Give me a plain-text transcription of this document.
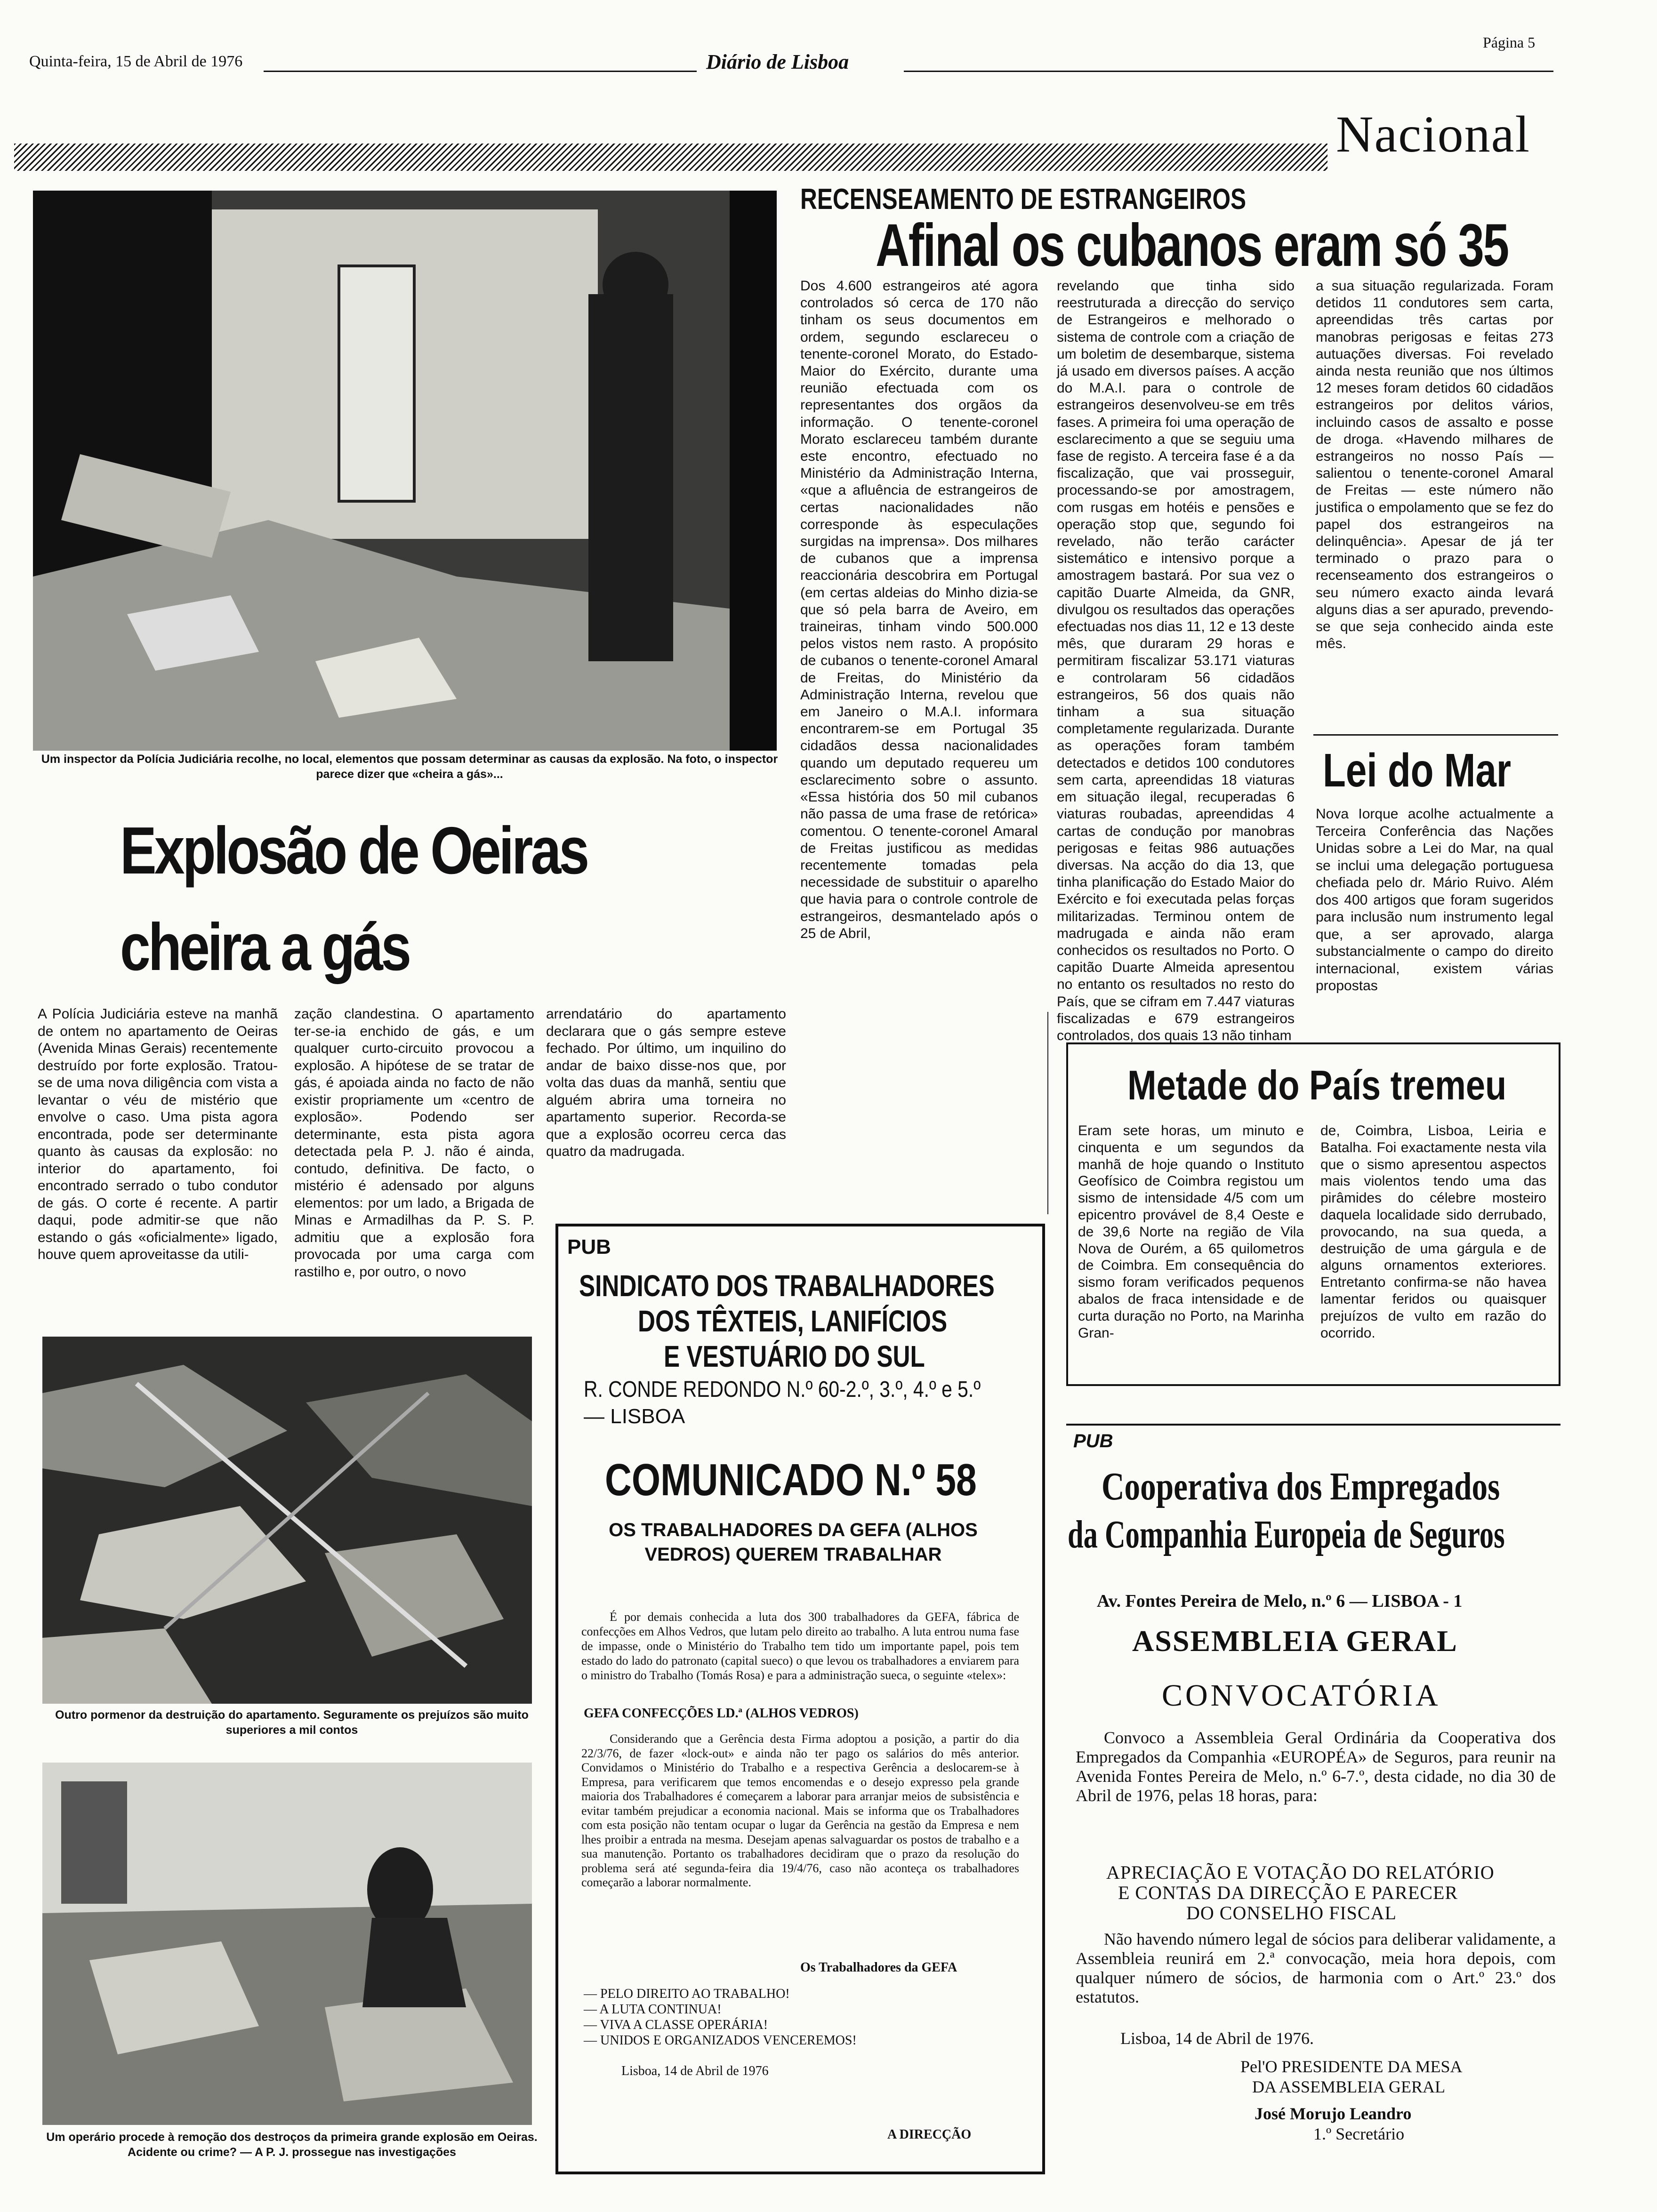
Quinta-feira, 15 de Abril de 1976	Diário de Lisboa
Página 5
Nacional
Um inspector da Polícia Judiciária recolhe, no local, elementos que possam determinar as causas da explosão. Na foto, o inspector parece dizer que «cheira a gás»...
Explosão de Oeiras cheira a gás
A Polícia Judiciária esteve na manhã de ontem no apartamento de Oeiras (Avenida Minas Gerais) recentemente destruído por forte explosão. Tratou-se de uma nova diligência com vista a levantar o véu de mistério que envolve o caso. Uma pista agora encontrada, pode ser determinante quanto às causas da explosão: no interior do apartamento, foi encontrado serrado o tubo condutor de gás. O corte é recente. A partir daqui, pode admitir-se que não estando o gás «oficialmente» ligado, houve quem aproveitasse da utili-
zação clandestina. O apartamento ter-se-ia enchido de gás, e um qualquer curto-circuito provocou a explosão. A hipótese de se tratar de gás, é apoiada ainda no facto de não existir propriamente um «centro de explosão». Podendo ser determinante, esta pista agora detectada pela P. J. não é ainda, contudo, definitiva. De facto, o mistério é adensado por alguns elementos: por um lado, a Brigada de Minas e Armadilhas da P. S. P. admitiu que a explosão fora provocada por uma carga com rastilho e, por outro, o novo
arrendatário do apartamento declarara que o gás sempre esteve fechado. Por último, um inquilino do andar de baixo disse-nos que, por volta das duas da manhã, sentiu que alguém abrira uma torneira no apartamento superior. Recorda-se que a explosão ocorreu cerca das quatro da madrugada.
Outro pormenor da destruição do apartamento. Seguramente os prejuízos são muito superiores a mil contos
Um operário procede à remoção dos destroços da primeira grande explosão em Oeiras. Acidente ou crime? — A P. J. prossegue nas investigações
RECENSEAMENTO DE ESTRANGEIROS
Afinal os cubanos eram só 35
Dos 4.600 estrangeiros até agora controlados só cerca de 170 não tinham os seus documentos em ordem, segundo esclareceu o tenente-coronel Morato, do Estado-Maior do Exército, durante uma reunião efectuada com os representantes dos orgãos da informação. O tenente-coronel Morato esclareceu também durante este encontro, efectuado no Ministério da Administração Interna, «que a afluência de estrangeiros de certas nacionalidades não corresponde às especulações surgidas na imprensa». Dos milhares de cubanos que a imprensa reaccionária descobrira em Portugal (em certas aldeias do Minho dizia-se que só pela barra de Aveiro, em traineiras, tinham vindo 500.000 pelos vistos nem rasto. A propósito de cubanos o tenente-coronel Amaral de Freitas, do Ministério da Administração Interna, revelou que em Janeiro o M.A.I. informara encontrarem-se em Portugal 35 cidadãos dessa nacionalidades quando um deputado requereu um esclarecimento sobre o assunto. «Essa história dos 50 mil cubanos não passa de uma frase de retórica» comentou. O tenente-coronel Amaral de Freitas justificou as medidas recentemente tomadas pela necessidade de substituir o aparelho que havia para o controle controle de estrangeiros, desmantelado após o 25 de Abril,
revelando que tinha sido reestruturada a direcção do serviço de Estrangeiros e melhorado o sistema de controle com a criação de um boletim de desembarque, sistema já usado em diversos países. A acção do M.A.I. para o controle de estrangeiros desenvolveu-se em três fases. A primeira foi uma operação de esclarecimento a que se seguiu uma fase de registo. A terceira fase é a da fiscalização, que vai prosseguir, processando-se por amostragem, com rusgas em hotéis e pensões e operação stop que, segundo foi revelado, não terão carácter sistemático e intensivo porque a amostragem bastará. Por sua vez o capitão Duarte Almeida, da GNR, divulgou os resultados das operações efectuadas nos dias 11, 12 e 13 deste mês, que duraram 29 horas e permitiram fiscalizar 53.171 viaturas e controlaram 56 cidadãos estrangeiros, 56 dos quais não tinham a sua situação completamente regularizada. Durante as operações foram também detectados e detidos 100 condutores sem carta, apreendidas 18 viaturas em situação ilegal, recuperadas 6 viaturas roubadas, apreendidas 4 cartas de condução por manobras perigosas e feitas 986 autuações diversas. Na acção do dia 13, que tinha planificação do Estado Maior do Exército e foi executada pelas forças militarizadas. Terminou ontem de madrugada e ainda não eram conhecidos os resultados no Porto. O capitão Duarte Almeida apresentou no entanto os resultados no resto do País, que se cifram em 7.447 viaturas fiscalizadas e 679 estrangeiros controlados, dos quais 13 não tinham
a sua situação regularizada. Foram detidos 11 condutores sem carta, apreendidas três cartas por manobras perigosas e feitas 273 autuações diversas. Foi revelado ainda nesta reunião que nos últimos 12 meses foram detidos 60 cidadãos estrangeiros por delitos vários, incluindo casos de assalto e posse de droga. «Havendo milhares de estrangeiros no nosso País — salientou o tenente-coronel Amaral de Freitas — este número não justifica o empolamento que se fez do papel dos estrangeiros na delinquência». Apesar de já ter terminado o prazo para o recenseamento dos estrangeiros o seu número exacto ainda levará alguns dias a ser apurado, prevendo-se que seja conhecido ainda este mês.
Lei do Mar
Nova Iorque acolhe actualmente a Terceira Conferência das Nações Unidas sobre a Lei do Mar, na qual se inclui uma delegação portuguesa chefiada pelo dr. Mário Ruivo. Além dos 400 artigos que foram sugeridos para inclusão num instrumento legal que, a ser aprovado, alarga substancialmente o campo do direito internacional, existem várias propostas
Metade do País tremeu
Eram sete horas, um minuto e cinquenta e um segundos da manhã de hoje quando o Instituto Geofísico de Coimbra registou um sismo de intensidade 4/5 com um epicentro provável de 8,4 Oeste e de 39,6 Norte na região de Vila Nova de Ourém, a 65 quilometros de Coimbra. Em consequência do sismo foram verificados pequenos abalos de fraca intensidade e de curta duração no Porto, na Marinha Gran-
de, Coimbra, Lisboa, Leiria e Batalha. Foi exactamente nesta vila que o sismo apresentou aspectos mais violentos tendo uma das pirâmides do célebre mosteiro daquela localidade sido derrubado, provocando, na sua queda, a destruição de uma gárgula e de alguns ornamentos exteriores. Entretanto confirma-se não havea lamentar feridos ou quaisquer prejuízos de vulto em razão do ocorrido.
PUB
SINDICATO DOS TRABALHADORES
DOS TÊXTEIS, LANIFÍCIOS
E VESTUÁRIO DO SUL
R. CONDE REDONDO N.º 60-2.º, 3.º, 4.º e 5.º
— LISBOA
COMUNICADO N.º 58
OS TRABALHADORES DA GEFA (ALHOS VEDROS) QUEREM TRABALHAR
É por demais conhecida a luta dos 300 trabalhadores da GEFA, fábrica de confecções em Alhos Vedros, que lutam pelo direito ao trabalho. A luta entrou numa fase de impasse, onde o Ministério do Trabalho tem tido um importante papel, pois tem estado do lado do patronato (capital sueco) o que levou os trabalhadores a enviarem para o ministro do Trabalho (Tomás Rosa) e para a administração sueca, o seguinte «telex»:
GEFA CONFECÇÕES LD.ª (ALHOS VEDROS)
Considerando que a Gerência desta Firma adoptou a posição, a partir do dia 22/3/76, de fazer «lock-out» e ainda não ter pago os salários do mês anterior. Convidamos o Ministério do Trabalho e a respectiva Gerência a deslocarem-se à Empresa, para verificarem que temos encomendas e o desejo expresso pela grande maioria dos Trabalhadores é começarem a laborar para arranjar meios de subsistência e evitar também prejudicar a economia nacional. Mais se informa que os Trabalhadores com esta posição não tentam ocupar o lugar da Gerência na gestão da Empresa e nem lhes proibir a entrada na mesma. Desejam apenas salvaguardar os postos de trabalho e a sua manutenção. Portanto os trabalhadores decidiram que o prazo da resolução do problema será até segunda-feira dia 19/4/76, caso não aconteça os trabalhadores começarão a laborar normalmente.
Os Trabalhadores da GEFA
— PELO DIREITO AO TRABALHO!
— A LUTA CONTINUA!
— VIVA A CLASSE OPERÁRIA!
— UNIDOS E ORGANIZADOS VENCEREMOS!
Lisboa, 14 de Abril de 1976
A DIRECÇÃO
PUB
Cooperativa dos Empregados
da Companhia Europeia de Seguros
Av. Fontes Pereira de Melo, n.º 6 — LISBOA - 1
ASSEMBLEIA GERAL
CONVOCATÓRIA
Convoco a Assembleia Geral Ordinária da Cooperativa dos Empregados da Companhia «EUROPÉA» de Seguros, para reunir na Avenida Fontes Pereira de Melo, n.º 6-7.º, desta cidade, no dia 30 de Abril de 1976, pelas 18 horas, para:
APRECIAÇÃO E VOTAÇÃO DO RELATÓRIO
E CONTAS DA DIRECÇÃO E PARECER
DO CONSELHO FISCAL
Não havendo número legal de sócios para deliberar validamente, a Assembleia reunirá em 2.ª convocação, meia hora depois, com qualquer número de sócios, de harmonia com o Art.º 23.º dos estatutos.
Lisboa, 14 de Abril de 1976.
Pel'O PRESIDENTE DA MESA
DA ASSEMBLEIA GERAL
José Morujo Leandro
1.º Secretário
